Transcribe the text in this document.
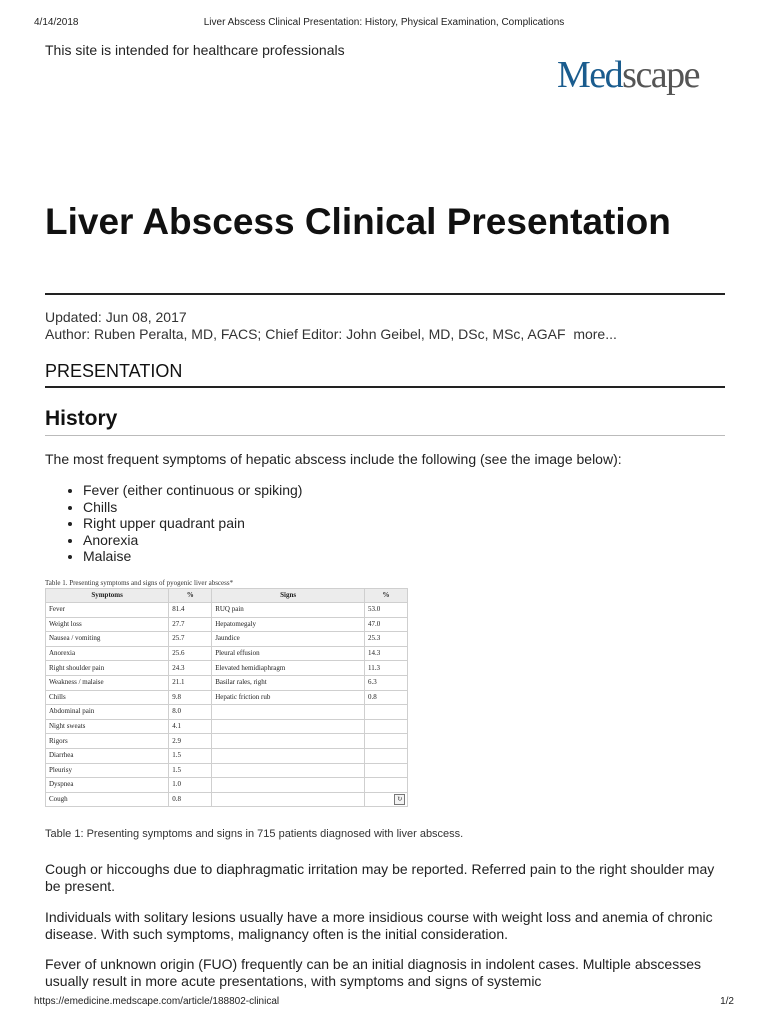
4/14/2018	Liver Abscess Clinical Presentation: History, Physical Examination, Complications
This site is intended for healthcare professionals
Medscape
Liver Abscess Clinical Presentation
Updated: Jun 08, 2017
Author: Ruben Peralta, MD, FACS; Chief Editor: John Geibel, MD, DSc, MSc, AGAF more...
PRESENTATION
History

The most frequent symptoms of hepatic abscess include the following (see the image below):

• Fever (either continuous or spiking)
• Chills
• Right upper quadrant pain
• Anorexia
• Malaise
Table 1. Presenting symptoms and signs of pyogenic liver abscess*
Symptoms	%	Signs	%
Fever	81.4	RUQ pain	53.0
Weight loss	27.7	Hepatomegaly	47.0
Nausea / vomiting	25.7	Jaundice	25.3
Anorexia	25.6	Pleural effusion	14.3
Right shoulder pain	24.3	Elevated hemidiaphragm	11.3
Weakness / malaise	21.1	Basilar rales, right	6.3
Chills	9.8	Hepatic friction rub	0.8
Abdominal pain	8.0		
Night sweats	4.1		
Rigors	2.9		
Diarrhea	1.5		
Pleurisy	1.5		
Dyspnea	1.0		
Cough	0.8		↻
Table 1: Presenting symptoms and signs in 715 patients diagnosed with liver abscess.

Cough or hiccoughs due to diaphragmatic irritation may be reported. Referred pain to the right shoulder may be present.

Individuals with solitary lesions usually have a more insidious course with weight loss and anemia of chronic disease. With such symptoms, malignancy often is the initial consideration.

Fever of unknown origin (FUO) frequently can be an initial diagnosis in indolent cases. Multiple abscesses usually result in more acute presentations, with symptoms and signs of systemic

https://emedicine.medscape.com/article/188802-clinical	1/2
